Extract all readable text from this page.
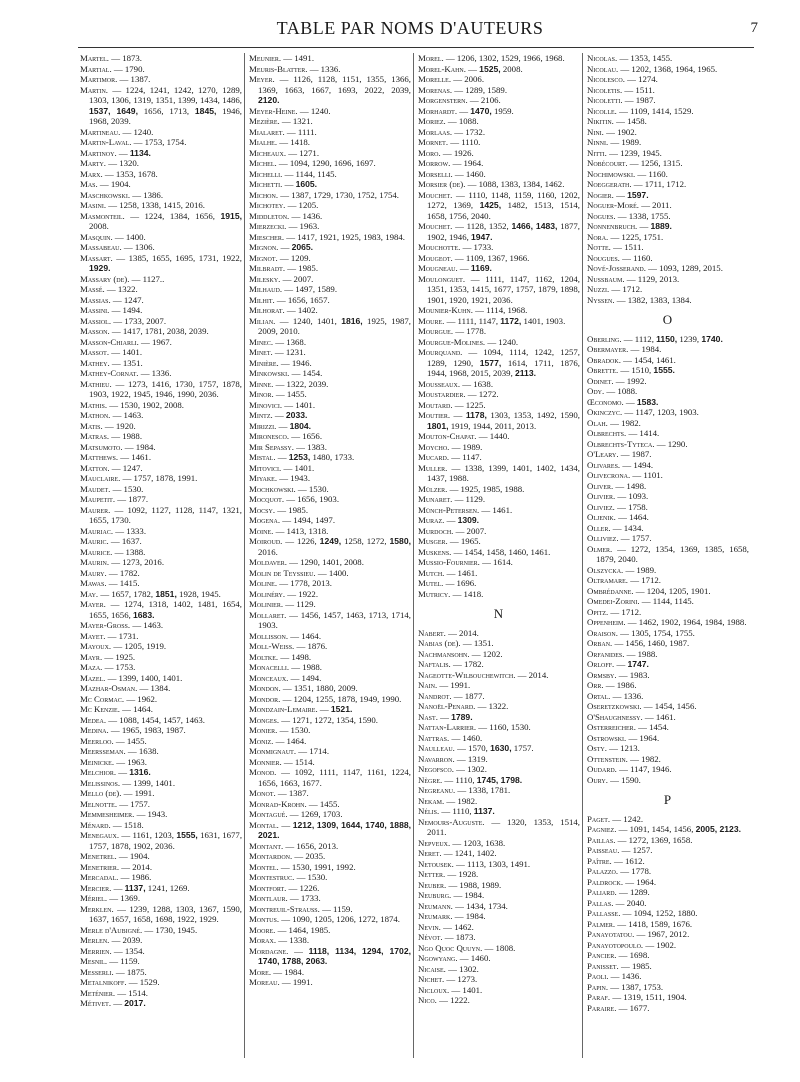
TABLE PAR NOMS D'AUTEURS	7

Martel. — 1873.

Martial. — 1790.

Martimor. — 1387.

Martin. — 1224, 1241, 1242, 1270, 1289, 1303, 1306, 1319, 1351, 1399, 1434, 1486, 1537, 1649, 1656, 1713, 1845, 1946, 1968, 2039.

Martineau. — 1240.

Martin-Laval. — 1753, 1754.

Martinoy. — 1134.

Marty. — 1320.

Marx. — 1353, 1678.

Mas. — 1904.

Maschkowski. — 1386.

Masini. — 1258, 1338, 1415, 2016.

Masmonteil. — 1224, 1384, 1656, 1915, 2008.

Masquin. — 1400.

Massabeau. — 1306.

Massart. — 1385, 1655, 1695, 1731, 1922, 1929.

Massary (de). — 1127..

Massé. — 1322.

Massias. — 1247.

Massini. — 1494.

Massiol. — 1733, 2007.

Masson. — 1417, 1781, 2038, 2039.

Masson-Chiarli. — 1967.

Massot. — 1401.

Mathey. — 1351.

Mathey-Cornat. — 1336.

Mathieu. — 1273, 1416, 1730, 1757, 1878, 1903, 1922, 1945, 1946, 1990, 2036.

Mathis. — 1530, 1902, 2008.

Mathon. — 1463.

Matis. — 1920.

Matras. — 1988.

Matsumoto. — 1984.

Matthews. — 1461.

Matton. — 1247.

Mauclaire. — 1757, 1878, 1991.

Maudet. — 1530.

Maupetit. — 1877.

Maurer. — 1092, 1127, 1128, 1147, 1321, 1655, 1730.

Mauriac. — 1333.

Mauric. — 1637.

Maurice. — 1388.

Maurin. — 1273, 2016.

Maury. — 1782.

Mawas. — 1415.

May. — 1657, 1782, 1851, 1928, 1945.

Mayer. — 1274, 1318, 1402, 1481, 1654, 1655, 1656, 1683.

Mayer-Gross. — 1463.

Mayet. — 1731.

Mayoux. — 1205, 1919.

Mayr. — 1925.

Maza. — 1753.

Mazel. — 1399, 1400, 1401.

Mazhar-Osman. — 1384.

Mc Cormac. — 1962.

Mc Kenzie. — 1464.

Medea. — 1088, 1454, 1457, 1463.

Medina. — 1965, 1983, 1987.

Meerloo. — 1455.

Meersseman. — 1638.

Meinicke. — 1963.

Melchior. — 1316.

Melissinos. — 1399, 1401.

Mello (de). — 1991.

Melnotte. — 1757.

Memmesheimer. — 1943.

Ménard. — 1518.

Menegaux. — 1161, 1203, 1555, 1631, 1677, 1757, 1878, 1902, 2036.

Menetrel. — 1904.

Menetrier. — 2014.

Mercadal. — 1986.

Mercier. — 1137, 1241, 1269.

Mériel. — 1369.

Merklen. — 1239, 1288, 1303, 1367, 1590, 1637, 1657, 1658, 1698, 1922, 1929.

Merle d'Aubigné. — 1730, 1945.

Merlen. — 2039.

Merrien. — 1354.

Mesnil. — 1159.

Messerli. — 1875.

Metalnikoff. — 1529.

Meténier. — 1514.

Métivet. — 2017.

Meunier. — 1491.

Meuris-Blatter. — 1336.

Meyer. — 1126, 1128, 1151, 1355, 1366, 1369, 1663, 1667, 1693, 2022, 2039, 2120.

Meyer-Heine. — 1240.

Mezière. — 1321.

Mialaret. — 1111.

Mialhe. — 1418.

Micheaux. — 1271.

Michel. — 1094, 1290, 1696, 1697.

Michelli. — 1144, 1145.

Michetti. — 1605.

Michon. — 1387, 1729, 1730, 1752, 1754.

Michotey. — 1205.

Middleton. — 1436.

Mierzecki. — 1963.

Miescher. — 1417, 1921, 1925, 1983, 1984.

Mignon. — 2065.

Mignot. — 1209.

Milbradt. — 1985.

Milesky. — 2007.

Milhaud. — 1497, 1589.

Milhit. — 1656, 1657.

Milhorat. — 1402.

Milian. — 1240, 1401, 1816, 1925, 1987, 2009, 2010.

Minec. — 1368.

Minet. — 1231.

Minière. — 1946.

Minkowski. — 1454.

Minne. — 1322, 2039.

Minor. — 1455.

Minovici. — 1401.

Mintz. — 2033.

Mirizzi. — 1804.

Mironesco. — 1656.

Mir Sepassy. — 1383.

Mistal. — 1253, 1480, 1733.

Mitovici. — 1401.

Miyake. — 1943.

Mochkowski. — 1530.

Mocquot. — 1656, 1903.

Mocsy. — 1985.

Mogena. — 1494, 1497.

Moine. — 1413, 1318.

Moiroud. — 1226, 1249, 1258, 1272, 1580, 2016.

Moldaver. — 1290, 1401, 2008.

Molin de Teyssieu. — 1400.

Moline. — 1778, 2013.

Molinéry. — 1922.

Molinier. — 1129.

Mollaret. — 1456, 1457, 1463, 1713, 1714, 1903.

Mollisson. — 1464.

Moll-Weiss. — 1876.

Moltke. — 1498.

Monacelli. — 1988.

Monceaux. — 1494.

Mondon. — 1351, 1880, 2009.

Mondor. — 1204, 1255, 1878, 1949, 1990.

Mondzain-Lemaire. — 1521.

Monges. — 1271, 1272, 1354, 1590.

Monier. — 1530.

Moniz. — 1464.

Monmignaut. — 1714.

Monnier. — 1514.

Monod. — 1092, 1111, 1147, 1161, 1224, 1656, 1663, 1677.

Monot. — 1387.

Monrad-Krohn. — 1455.

Montagué. — 1269, 1703.

Montal. — 1212, 1309, 1644, 1740, 1888, 2021.

Montant. — 1656, 2013.

Montardon. — 2035.

Montel. — 1530, 1991, 1992.

Montestruc. — 1530.

Montfort. — 1226.

Montlaur. — 1733.

Montreuil-Strauss. — 1159.

Montus. — 1090, 1205, 1206, 1272, 1874.

Moore. — 1464, 1985.

Morax. — 1338.

Mordagne. — 1118, 1134, 1294, 1702, 1740, 1788, 2063.

More. — 1984.

Moreau. — 1991.

Morel. — 1206, 1302, 1529, 1966, 1968.

Morel-Kahn. — 1525, 2008.

Morelle. — 2006.

Morenas. — 1289, 1589.

Morgenstern. — 2106.

Morhardt. — 1470, 1959.

Moriez. — 1088.

Morlaas. — 1732.

Mornet. — 1110.

Moro. — 1926.

Morrow. — 1964.

Morselli. — 1460.

Morsier (de). — 1088, 1383, 1384, 1462.

Mouchet. — 1110, 1148, 1159, 1160, 1202, 1272, 1369, 1425, 1482, 1513, 1514, 1658, 1756, 2040.

Mouchet. — 1128, 1352, 1466, 1483, 1877, 1902, 1946, 1947.

Mouchotte. — 1733.

Mougeot. — 1109, 1367, 1966.

Mougneau. — 1169.

Moulonguet. — 1111, 1147, 1162, 1204, 1351, 1353, 1415, 1677, 1757, 1879, 1898, 1901, 1920, 1921, 2036.

Mounier-Kuhn. — 1114, 1968.

Moure. — 1111, 1147, 1172, 1401, 1903.

Mourgue. — 1778.

Mourgue-Molines. — 1240.

Mourquand. — 1094, 1114, 1242, 1257, 1289, 1290, 1577, 1614, 1711, 1876, 1944, 1968, 2015, 2039, 2113.

Mousseaux. — 1638.

Moustardier. — 1272.

Moutard. — 1225.

Moutier. — 1178, 1303, 1353, 1492, 1590, 1801, 1919, 1944, 2011, 2013.

Mouton-Chapat. — 1440.

Moycho. — 1989.

Mucard. — 1147.

Muller. — 1338, 1399, 1401, 1402, 1434, 1437, 1988.

Mülzer. — 1925, 1985, 1988.

Munaret. — 1129.

Münch-Petersen. — 1461.

Muraz. — 1309.

Murdoch. — 2007.

Musger. — 1965.

Muskens. — 1454, 1458, 1460, 1461.

Mussio-Fournier. — 1614.

Mutch. — 1461.

Mutel. — 1696.

Mutricy. — 1418.

N

Nabert. — 2014.

Nabias (de). — 1351.

Nachmansohn. — 1202.

Naftalis. — 1782.

Nageotte-Wilbouchewitch. — 2014.

Nain. — 1991.

Nandrot. — 1877.

Nanoël-Penard. — 1322.

Nast. — 1789.

Nattan-Larrier. — 1160, 1530.

Nattras. — 1460.

Naulleau. — 1570, 1630, 1757.

Navarron. — 1319.

Negofsco. — 1302.

Nègre. — 1110, 1745, 1798.

Negreanu. — 1338, 1781.

Nekam. — 1982.

Nélis. — 1110, 1137.

Nemours-Auguste. — 1320, 1353, 1514, 2011.

Nepveux. — 1203, 1638.

Neret. — 1241, 1402.

Netousek. — 1113, 1303, 1491.

Netter. — 1928.

Neuber. — 1988, 1989.

Neuburg. — 1984.

Neumann. — 1434, 1734.

Neumark. — 1984.

Nevin. — 1462.

Névot. — 1873.

Ngo Quoc Quuyn. — 1808.

Ngowyang. — 1460.

Nicaise. — 1302.

Nichet. — 1273.

Nicloux. — 1401.

Nico. — 1222.

Nicolas. — 1353, 1455.

Nicolau. — 1202, 1368, 1964, 1965.

Nicolesco. — 1274.

Nicoletis. — 1511.

Nicoletti. — 1987.

Nicolle. — 1109, 1414, 1529.

Nikitin. — 1458.

Nini. — 1902.

Ninni. — 1989.

Nitti. — 1239, 1945.

Nobécourt. — 1256, 1315.

Nochimowski. — 1160.

Noeggerath. — 1711, 1712.

Nogier. — 1597.

Noguer-Moré. — 2011.

Nogues. — 1338, 1755.

Nonnenbruch. — 1889.

Nora. — 1225, 1751.

Notte. — 1511.

Nougues. — 1160.

Nové-Josserand. — 1093, 1289, 2015.

Nussbaum. — 1129, 2013.

Nuzzi. — 1712.

Nyssen. — 1382, 1383, 1384.

O

Oberling. — 1112, 1150, 1239, 1740.

Obermayer. — 1984.

Obradok. — 1454, 1461.

Obrette. — 1510, 1555.

Odinet. — 1992.

Ody. — 1088.

Œconomo. — 1583.

Okinczyc. — 1147, 1203, 1903.

Olah. — 1982.

Olbrechts. — 1414.

Olbrechts-Tyteca. — 1290.

O'Leary. — 1987.

Olivares. — 1494.

Olivecrona. — 1101.

Oliver. — 1498.

Olivier. — 1093.

Oliviez. — 1758.

Oljenik. — 1464.

Oller. — 1434.

Olliviez. — 1757.

Olmer. — 1272, 1354, 1369, 1385, 1658, 1879, 2040.

Olszycka. — 1989.

Oltramare. — 1712.

Ombrédanne. — 1204, 1205, 1901.

Omedei-Zorini. — 1144, 1145.

Opitz. — 1712.

Oppenheim. — 1462, 1902, 1964, 1984, 1988.

Oraison. — 1305, 1754, 1755.

Orban. — 1456, 1460, 1987.

Orfanides. — 1988.

Orloff. — 1747.

Ormsby. — 1983.

Orr. — 1986.

Ortal. — 1336.

Oseretzkowski. — 1454, 1456.

O'Shaughnessy. — 1461.

Osterreicher. — 1454.

Ostrowski. — 1964.

Osty. — 1213.

Ottenstein. — 1982.

Oudard. — 1147, 1946.

Oury. — 1590.

P

Paget. — 1242.

Pagniez. — 1091, 1454, 1456, 2005, 2123.

Paillas. — 1272, 1369, 1658.

Paisseau. — 1257.

Paître. — 1612.

Palazzo. — 1778.

Paldrock. — 1964.

Paliard. — 1289.

Pallas. — 2040.

Pallasse. — 1094, 1252, 1880.

Palmer. — 1418, 1589, 1676.

Panayotatou. — 1967, 2012.

Panayotopoulo. — 1902.

Pancier. — 1698.

Panisset. — 1985.

Paoli. — 1436.

Papin. — 1387, 1753.

Paraf. — 1319, 1511, 1904.

Paraire. — 1677.
